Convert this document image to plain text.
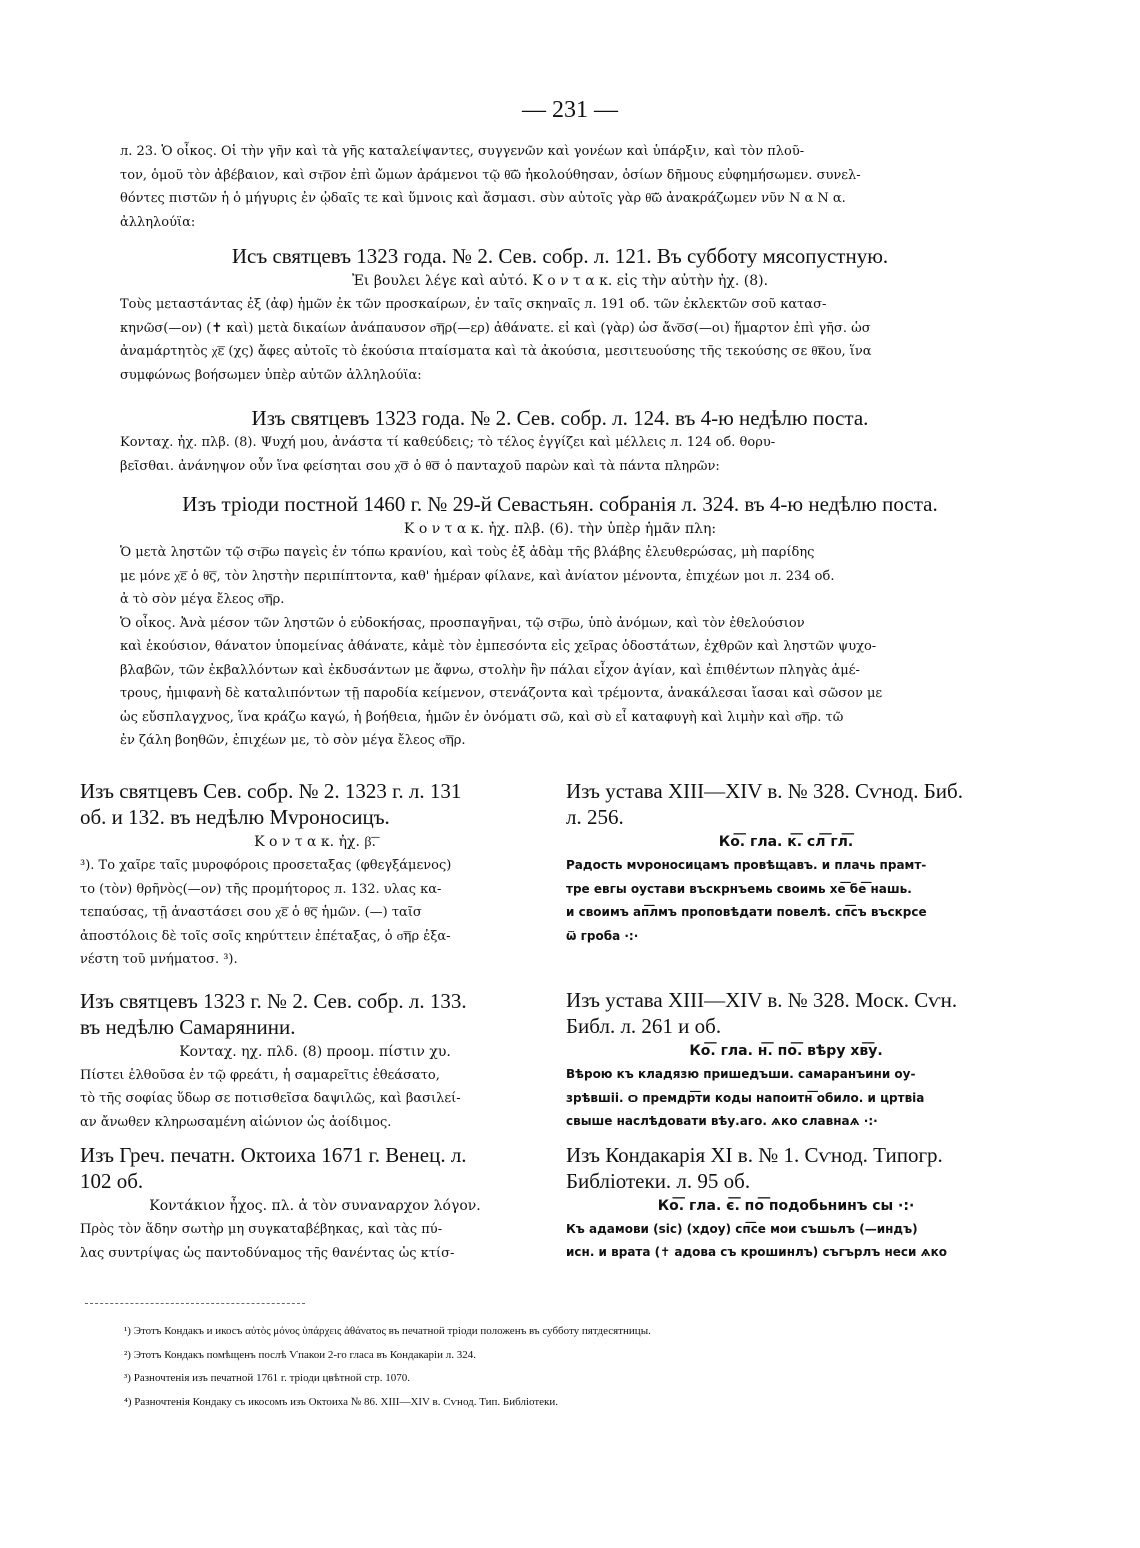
— 231 —

л. 23. Ὁ οἶκος. Οἱ τὴν γῆν καὶ τὰ γῆς καταλείψαντες, συγγενῶν καὶ γονέων καὶ ὑπάρξιν, καὶ τὸν πλοῦ-

τον, ὁμοῦ τὸν ἀβέβαιον, καὶ στ͞ρον ἐπὶ ὤμων ἀράμενοι τῷ θ͞ῶ ἠκολούθησαν, ὁσίων δῆμους εὐφημήσωμεν. συνελ-

θόντες πιστῶν ἡ ὁ μήγυρις ἐν ᾠδαῖς τε καὶ ὕμνοις καὶ ἄσμασι. σὺν αὐτοῖς γὰρ θ͞ῶ ἀνακράζωμεν νῦν Ν α Ν α.

ἀλληλούϊα:

Исъ святцевъ 1323 года. № 2. Сев. собр. л. 121. Въ субботу мясопустную.

Ἐι βουλει λέγε καὶ αὐτό. Κ ο ν τ α κ. εἰς τὴν αὐτὴν ἠχ. (8).

Τοὺς μεταστάντας ἐξ (ἀφ) ἡμῶν ἐκ τῶν προσκαίρων, ἐν ταῖς σκηναῖς л. 191 об. τῶν ἐκλεκτῶν σοῦ κατασ-

κηνῶσ(—ον) (✝ καὶ) μετὰ δικαίων ἀνάπαυσον σ͞ηρ(—ερ) ἀθάνατε. εἰ καὶ (γὰρ) ὡσ ἄν͞οσ(—οι) ἥμαρτον ἐπὶ γῆσ. ὡσ

ἀναμάρτητὸς χ͞ε (χς) ἄφες αὐτοῖς τὸ ἑκούσια πταίσματα καὶ τὰ ἀκούσια, μεσιτευούσης τῆς τεκούσης σε θ͞κου, ἵνα

συμφώνως βοήσωμεν ὑπὲρ αὐτῶν ἀλληλούϊα:

Изъ святцевъ 1323 года. № 2. Сев. собр. л. 124. въ 4-ю недѣлю поста.

Κονταχ. ἠχ. πλβ. (8). Ψυχή μου, ἀνάστα τί καθεύδεις; τὸ τέλος ἐγγίζει καὶ μέλλεις л. 124 об. θορυ-

βεῖσθαι. ἀνάνηψον οὖν ἵνα φείσηται σου χ͞σ ὁ θ͞σ ὁ πανταχοῦ παρὼν καὶ τὰ πάντα πληρῶν:

Изъ тріоди постной 1460 г. № 29-й Севастьян. собранія л. 324. въ 4-ю недѣлю поста.

Κ ο ν τ α κ. ἠχ. πλβ. (6). τὴν ὑπὲρ ἡμᾶν πλη:

Ὁ μετὰ ληστῶν τῷ στ͞ρω παγεὶς ἐν τόπω κρανίου, καὶ τοὺς ἐξ ἀδὰμ τῆς βλάβης ἐλευθερώσας, μὴ παρίδης

με μόνε χ͞ε ὁ θ͞ς, τὸν ληστὴν περιπίπτοντα, καθ' ἡμέραν φίλανε, καὶ ἀνίατον μένοντα, ἐπιχέων μοι л. 234 об.

ἀ τὸ σὸν μέγα ἔλεος σ͞ηρ.

Ὁ οἶκος. Ἀνὰ μέσον τῶν ληστῶν ὁ εὐδοκήσας, προσπαγῆναι, τῷ στ͞ρω, ὑπὸ ἀνόμων, καὶ τὸν ἐθελούσιον

καὶ ἑκούσιον, θάνατον ὑπομείνας ἀθάνατε, κἀμὲ τὸν ἐμπεσόντα εἰς χεῖρας ὁδοστάτων, ἐχθρῶν καὶ ληστῶν ψυχο-

βλαβῶν, τῶν ἐκβαλλόντων καὶ ἐκδυσάντων με ἄφνω, στολὴν ἣν πάλαι εἶχον ἁγίαν, καὶ ἐπιθέντων πληγὰς ἀμέ-

τρους, ἡμιφανὴ δὲ καταλιπόντων τῇ παροδία κείμενον, στενάζοντα καὶ τρέμοντα, ἀνακάλεσαι ἴασαι καὶ σῶσον με

ὡς εὔσπλαγχνος, ἵνα κράζω καγώ, ἡ βοήθεια, ἡμῶν ἐν ὀνόματι σῶ, καὶ σὺ εἶ καταφυγὴ καὶ λιμὴν καὶ σ͞ηρ. τῶ

ἐν ζάλη βοηθῶν, ἐπιχέων με, τὸ σὸν μέγα ἔλεος σ͞ηρ.

Изъ святцевъ Сев. собр. № 2. 1323 г. л. 131

об. и 132. въ недѣлю Мvроносицъ.

Κ ο ν τ α κ. ἠχ. β͞.

³). Το χαῖρε ταῖς μυροφόροις προσεταξας (φθεγξάμενος)

το (τὸν) θρῆνὸς(—ον) τῆς προμήτορος л. 132. υλας κα-

τεπαύσας, τῇ ἀναστάσει σου χ͞ε ὁ θ͞ς ἡμῶν. (—) ταῖσ

ἀποστόλοις δὲ τοῖς σοῖς κηρύττειν ἐπέταξας, ὁ σ͞ηρ ἐξα-

νέστη τοῦ μνήματοσ. ³).

Изъ святцевъ 1323 г. № 2. Сев. собр. л. 133.

въ недѣлю Самарянини.

Κονταχ. ηχ. πλδ. (8) προομ. πίστιν χυ.

Πίστει ἐλθοῦσα ἐν τῷ φρεάτι, ἡ σαμαρεῖτις ἐθεάσατο,

τὸ τῆς σοφίας ὕδωρ σε ποτισθεῖσα δαψιλῶς, καὶ βασιλεί-

αν ἄνωθεν κληρωσαμένη αἰώνιον ὡς ἀοίδιμος.

Изъ Греч. печатн. Октоиха 1671 г. Венец. л.

102 об.

Κοντάκιον ἦχος. πλ. ἀ τὸν συναναρχον λόγον.

Πρὸς τὸν ἅδην σωτὴρ μη συγκαταβέβηκας, καὶ τὰς πύ-

λας συντρίψας ὡς παντοδύναμος τῆς θανέντας ὡς κτίσ-

Изъ устава XIII—XIV в. № 328. Сѵнод. Биб.

л. 256.

Ко͞. гла. к͞. сл͞ гл͞.

Радость мνроносицамъ провѣщавъ. и плачь прамт-

тре евгы оустави въскрнъемь своимь хе͞ бе͞ нашь.

и своимъ ап͞лмъ проповѣдати повелѣ. сп͞съ въскрсе

ѿ гроба ·:·

Изъ устава XIII—XIV в. № 328. Моск. Сѵн.

Библ. л. 261 и об.

Ко͞. гла. н͞. по͞. вѣру хв͞у.

Вѣрою къ кладязю пришедъши. самаранъини оу-

зрѣвшіі. ѻ премдр͞ти коды напоитн͞ обило. и цртвіа

свыше наслѣдовати вѣу.аго. ѧко славнаѧ ·:·

Изъ Кондакарія XI в. № 1. Сѵнод. Типогр.

Библіотеки. л. 95 об.

Ко͞. гла. є͞. по͞ подобьнинъ сы ·:·

Къ адамови (sic) (хдоу) сп͞се мои съшьлъ (—индъ)

исн. и врата (✝ адова съ крошинлъ) съгърлъ неси ѧко

¹) Этотъ Кондакъ и икосъ αὐτὸς μόνος ὑπάρχεις ἀθάνατος въ печатной тріоди положенъ въ субботу пятдесятницы.

²) Этотъ Кондакъ помѣщенъ послѣ Ѵпакои 2-го гласа въ Кондакаріи л. 324.

³) Разночтенія изъ печатной 1761 г. тріоди цвѣтной стр. 1070.

⁴) Разночтенія Кондаку съ икосомъ изъ Октоиха № 86. XIII—XIV в. Сѵнод. Тип. Библіотеки.
